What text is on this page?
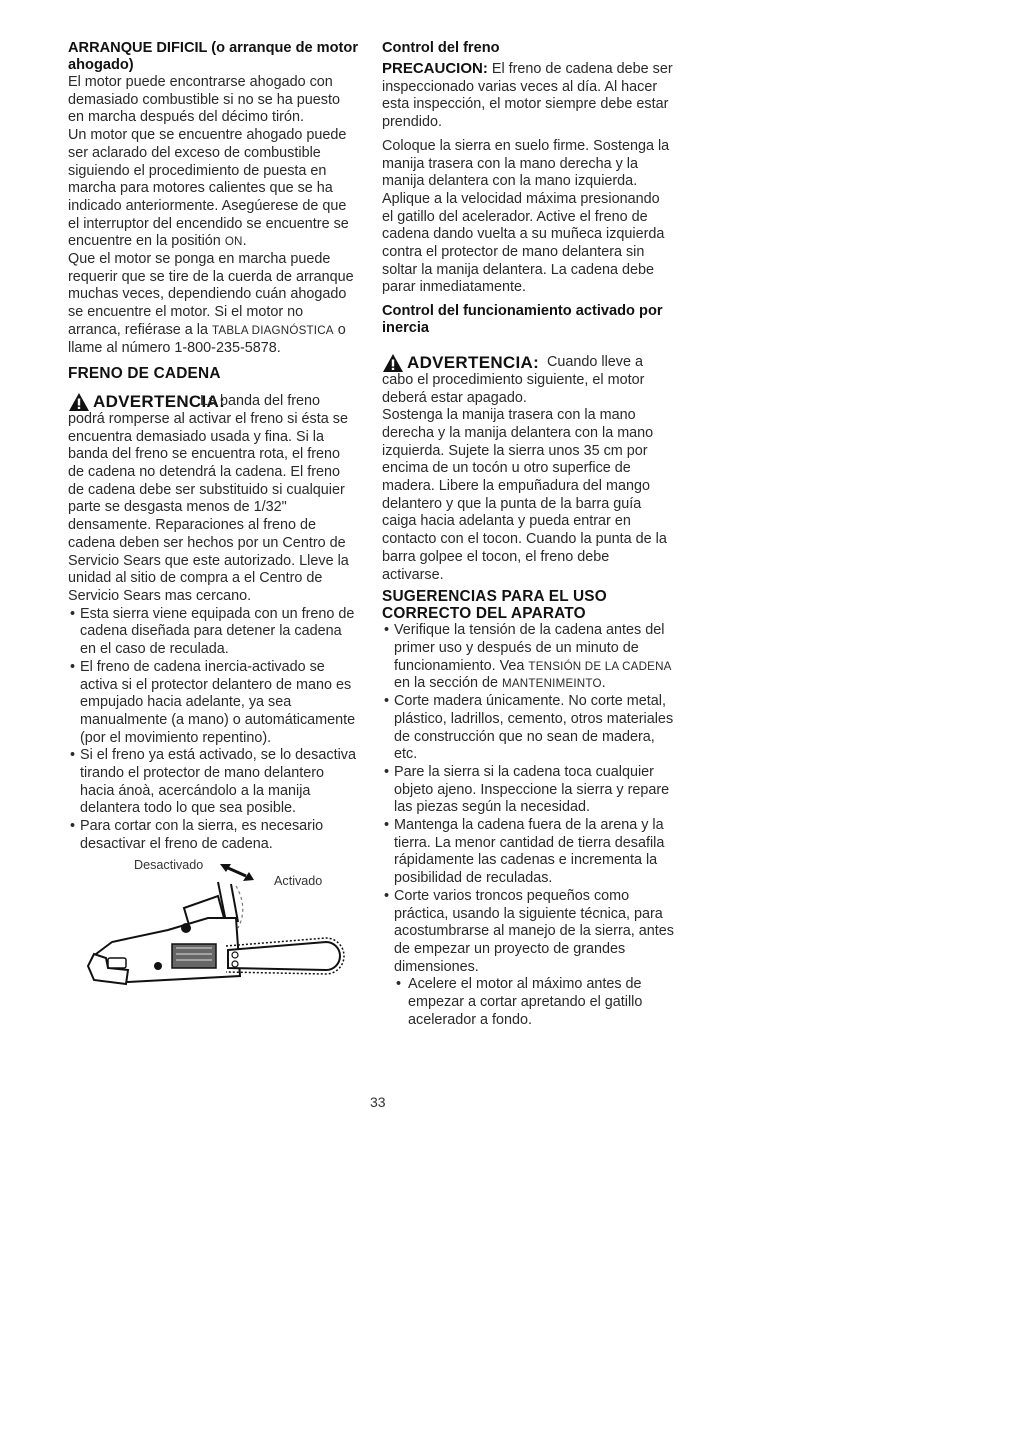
ARRANQUE DIFICIL (o arranque de motor ahogado)

El motor puede encontrarse ahogado con demasiado combustible si no se ha puesto en marcha después del décimo tirón.

Un motor que se encuentre ahogado puede ser aclarado del exceso de combustible siguiendo el procedimiento de puesta en marcha para motores calientes que se ha indicado anteriormente. Asegúerese de que el interruptor del encendido se encuentre se encuentre en la positión ON.

Que el motor se ponga en marcha puede requerir que se tire de la cuerda de arranque muchas veces, dependiendo cuán ahogado se encuentre el motor. Si el motor no arranca, refiérase a la TABLA DIAGNÓSTICA o llame al número 1-800-235-5878.

FRENO DE CADENA
ADVERTENCIA:

La banda del freno podrá romperse al activar el freno si ésta se encuentra demasiado usada y fina. Si la banda del freno se encuentra rota, el freno de cadena no detendrá la cadena. El freno de cadena debe ser substituido si cualquier parte se desgasta menos de 1/32" densamente. Reparaciones al freno de cadena deben ser hechos por un Centro de Servicio Sears que este autorizado. Lleve la unidad al sitio de compra a el Centro de Servicio Sears mas cercano.

• Esta sierra viene equipada con un freno de cadena diseñada para detener la cadena en el caso de reculada.
• El freno de cadena inercia-activado se activa si el protector delantero de mano es empujado hacia adelante, ya sea manualmente (a mano) o automáticamente (por el movimiento repentino).
• Si el freno ya está activado, se lo desactiva tirando el protector de mano delantero hacia ánoà, acercándolo a la manija delantera todo lo que sea posible.
• Para cortar con la sierra, es necesario desactivar el freno de cadena.
Desactivado
Activado
Control del freno

PRECAUCION: El freno de cadena debe ser inspeccionado varias veces al día. Al hacer esta inspección, el motor siempre debe estar prendido.

Coloque la sierra en suelo firme. Sostenga la manija trasera con la mano derecha y la manija delantera con la mano izquierda. Aplique a la velocidad máxima presionando el gatillo del acelerador. Active el freno de cadena dando vuelta a su muñeca izquierda contra el protector de mano delantera sin soltar la manija delantera. La cadena debe parar inmediatamente.

Control del funcionamiento activado por inercia
ADVERTENCIA: Cuando lleve a cabo el procedimiento siguiente, el motor deberá estar apagado.

Sostenga la manija trasera con la mano derecha y la manija delantera con la mano izquierda. Sujete la sierra unos 35 cm por encima de un tocón u otro superfice de madera. Libere la empuñadura del mango delantero y que la punta de la barra guía caiga hacia adelanta y pueda entrar en contacto con el tocon. Cuando la punta de la barra golpee el tocon, el freno debe activarse.

SUGERENCIAS PARA EL USO CORRECTO DEL APARATO
• Verifique la tensión de la cadena antes del primer uso y después de un minuto de funcionamiento. Vea TENSIÓN DE LA CADENA en la sección de MANTENIMEINTO.
• Corte madera únicamente. No corte metal, plástico, ladrillos, cemento, otros materiales de construcción que no sean de madera, etc.
• Pare la sierra si la cadena toca cualquier objeto ajeno. Inspeccione la sierra y repare las piezas según la necesidad.
• Mantenga la cadena fuera de la arena y la tierra. La menor cantidad de tierra desafila rápidamente las cadenas e incrementa la posibilidad de reculadas.
• Corte varios troncos pequeños como práctica, usando la siguiente técnica, para acostumbrarse al manejo de la sierra, antes de empezar un proyecto de grandes dimensiones.
• Acelere el motor al máximo antes de empezar a cortar apretando el gatillo acelerador a fondo.
33
